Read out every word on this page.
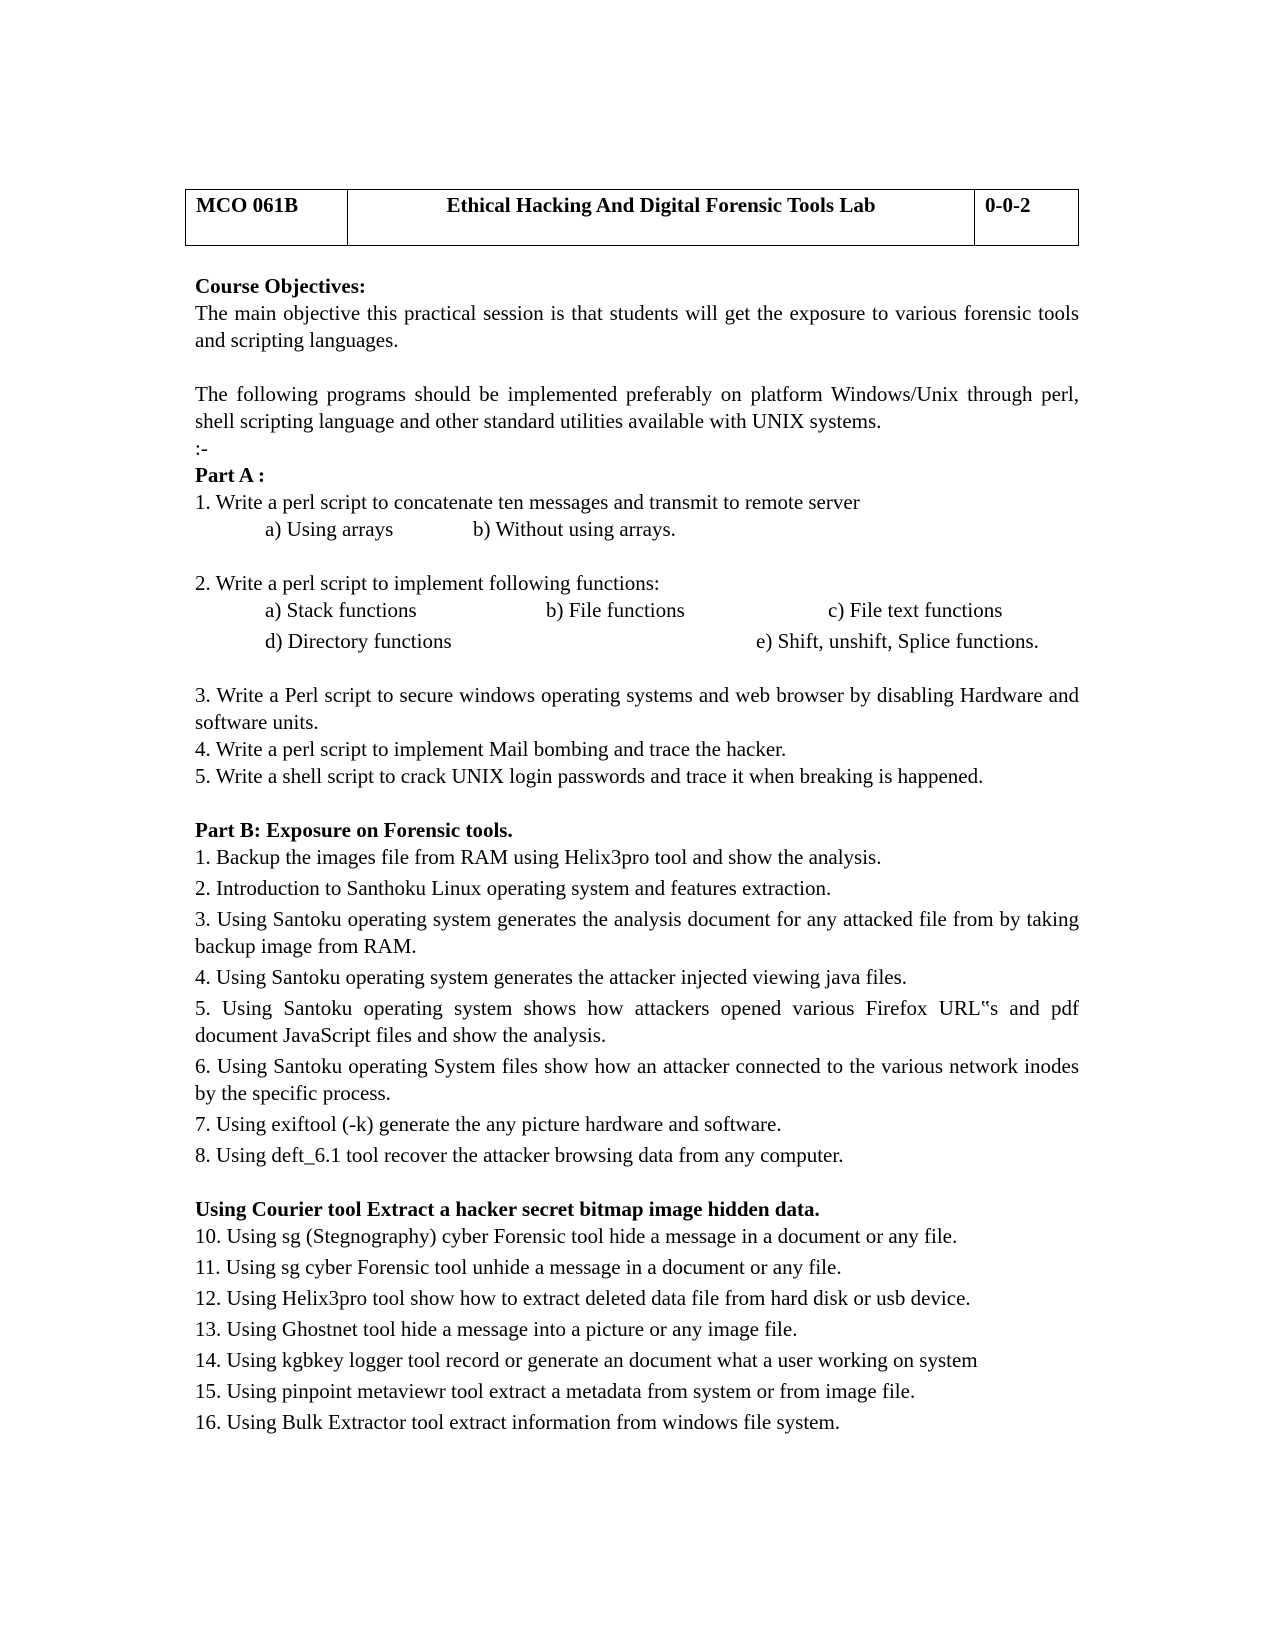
MCO 061B	Ethical Hacking And Digital Forensic Tools Lab	0-0-2
Course Objectives:
The main objective this practical session is that students will get the exposure to various forensic tools and scripting languages.
The following programs should be implemented preferably on platform Windows/Unix through perl, shell scripting language and other standard utilities available with UNIX systems.
:-
Part A :
1. Write a perl script to concatenate ten messages and transmit to remote server
a) Using arrays	b) Without using arrays.
2. Write a perl script to implement following functions:
a) Stack functions	b) File functions	c) File text functions
d) Directory functions	e) Shift, unshift, Splice functions.
3. Write a Perl script to secure windows operating systems and web browser by disabling Hardware and software units.
4. Write a perl script to implement Mail bombing and trace the hacker.
5. Write a shell script to crack UNIX login passwords and trace it when breaking is happened.
Part B: Exposure on Forensic tools.
1. Backup the images file from RAM using Helix3pro tool and show the analysis.
2. Introduction to Santhoku Linux operating system and features extraction.
3. Using Santoku operating system generates the analysis document for any attacked file from by taking backup image from RAM.
4. Using Santoku operating system generates the attacker injected viewing java files.
5. Using Santoku operating system shows how attackers opened various Firefox URL‟s and pdf document JavaScript files and show the analysis.
6. Using Santoku operating System files show how an attacker connected to the various network inodes by the specific process.
7. Using exiftool (-k) generate the any picture hardware and software.
8. Using deft_6.1 tool recover the attacker browsing data from any computer.
Using Courier tool Extract a hacker secret bitmap image hidden data.
10. Using sg (Stegnography) cyber Forensic tool hide a message in a document or any file.
11. Using sg cyber Forensic tool unhide a message in a document or any file.
12. Using Helix3pro tool show how to extract deleted data file from hard disk or usb device.
13. Using Ghostnet tool hide a message into a picture or any image file.
14. Using kgbkey logger tool record or generate an document what a user working on system
15. Using pinpoint metaviewr tool extract a metadata from system or from image file.
16. Using Bulk Extractor tool extract information from windows file system.
